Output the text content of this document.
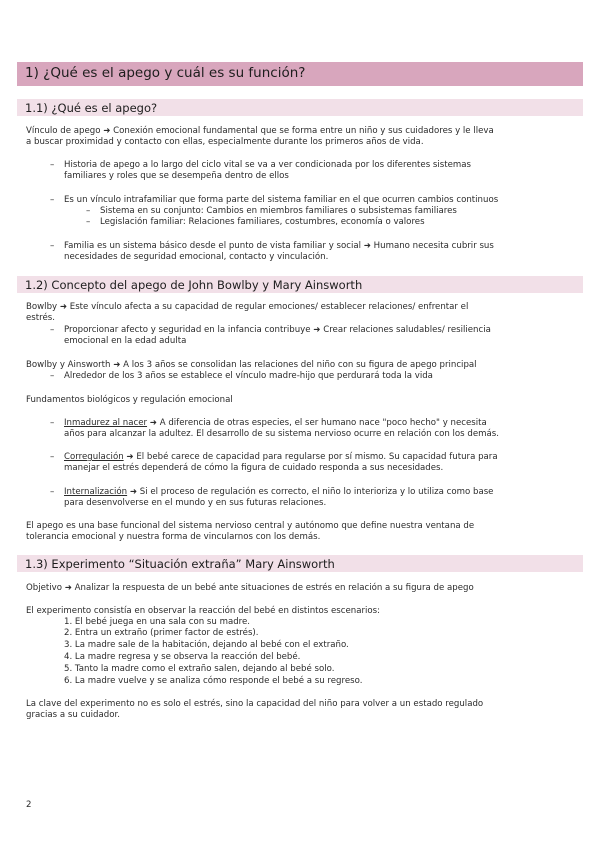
1) ¿Qué es el apego y cuál es su función?
1.1) ¿Qué es el apego?
Vínculo de apego ➜ Conexión emocional fundamental que se forma entre un niño y sus cuidadores y le lleva
a buscar proximidad y contacto con ellas, especialmente durante los primeros años de vida.
– Historia de apego a lo largo del ciclo vital se va a ver condicionada por los diferentes sistemas
familiares y roles que se desempeña dentro de ellos
– Es un vínculo intrafamiliar que forma parte del sistema familiar en el que ocurren cambios continuos
– Sistema en su conjunto: Cambios en miembros familiares o subsistemas familiares
– Legislación familiar: Relaciones familiares, costumbres, economía o valores
– Familia es un sistema básico desde el punto de vista familiar y social ➜ Humano necesita cubrir sus
necesidades de seguridad emocional, contacto y vinculación.
1.2) Concepto del apego de John Bowlby y Mary Ainsworth
Bowlby ➜ Este vínculo afecta a su capacidad de regular emociones/ establecer relaciones/ enfrentar el
estrés.
– Proporcionar afecto y seguridad en la infancia contribuye ➜ Crear relaciones saludables/ resiliencia
emocional en la edad adulta
Bowlby y Ainsworth ➜ A los 3 años se consolidan las relaciones del niño con su figura de apego principal
– Alrededor de los 3 años se establece el vínculo madre-hijo que perdurará toda la vida
Fundamentos biológicos y regulación emocional
– Inmadurez al nacer ➜ A diferencia de otras especies, el ser humano nace "poco hecho" y necesita
años para alcanzar la adultez. El desarrollo de su sistema nervioso ocurre en relación con los demás.
– Corregulación ➜ El bebé carece de capacidad para regularse por sí mismo. Su capacidad futura para
manejar el estrés dependerá de cómo la figura de cuidado responda a sus necesidades.
– Internalización ➜ Si el proceso de regulación es correcto, el niño lo interioriza y lo utiliza como base
para desenvolverse en el mundo y en sus futuras relaciones.
El apego es una base funcional del sistema nervioso central y autónomo que define nuestra ventana de
tolerancia emocional y nuestra forma de vincularnos con los demás.
1.3) Experimento “Situación extraña” Mary Ainsworth
Objetivo ➜ Analizar la respuesta de un bebé ante situaciones de estrés en relación a su figura de apego
El experimento consistía en observar la reacción del bebé en distintos escenarios:
1. El bebé juega en una sala con su madre.
2. Entra un extraño (primer factor de estrés).
3. La madre sale de la habitación, dejando al bebé con el extraño.
4. La madre regresa y se observa la reacción del bebé.
5. Tanto la madre como el extraño salen, dejando al bebé solo.
6. La madre vuelve y se analiza cómo responde el bebé a su regreso.
La clave del experimento no es solo el estrés, sino la capacidad del niño para volver a un estado regulado
gracias a su cuidador.
2
